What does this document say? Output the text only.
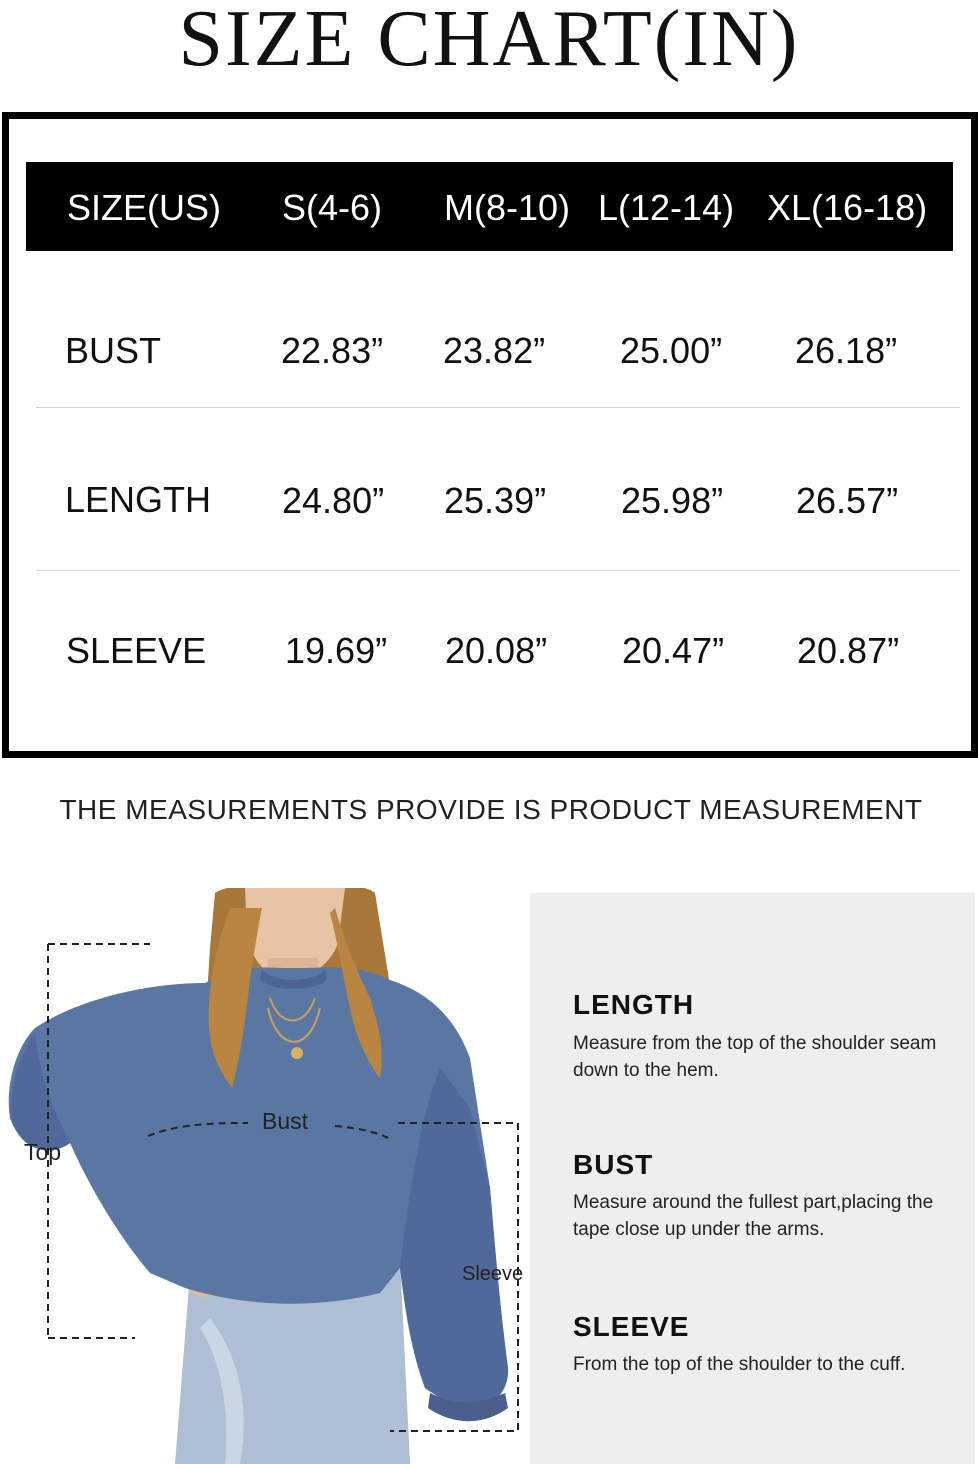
SIZE CHART(IN)
SIZE(US) S(4-6) M(8-10) L(12-14) XL(16-18)
BUST	22.83” 23.82” 25.00” 26.18”
LENGTH 24.80” 25.39” 25.98” 26.57”
SLEEVE 19.69” 20.08” 20.47” 20.87”
THE MEASUREMENTS PROVIDE IS PRODUCT MEASUREMENT
Bust
Top
Sleeve
LENGTH
Measure from the top of the shoulder seam down to the hem.
BUST
Measure around the fullest part,placing the tape close up under the arms.
SLEEVE
From the top of the shoulder to the cuff.
